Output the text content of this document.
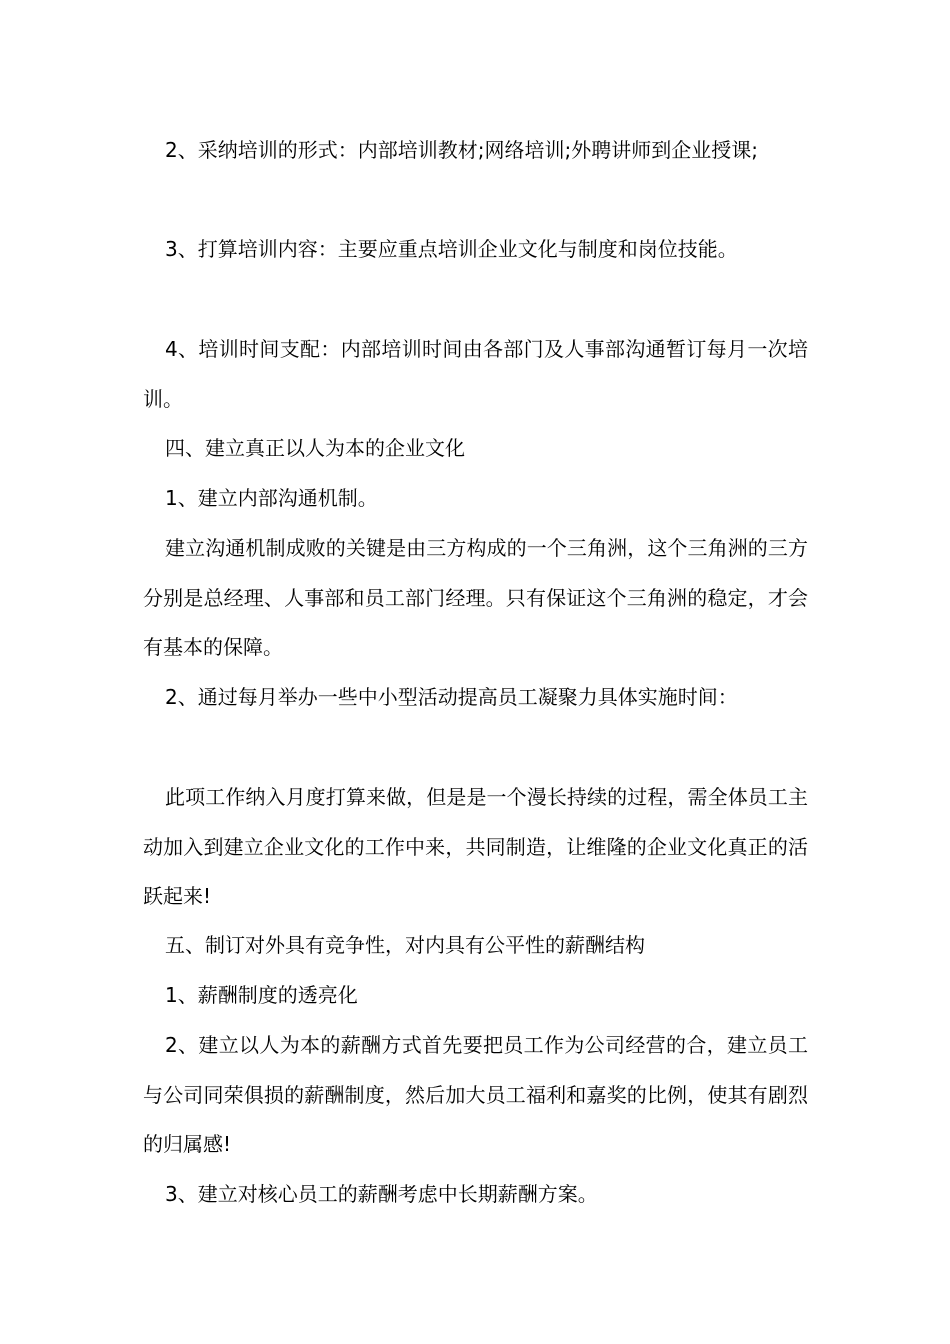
2、采纳培训的形式：内部培训教材;网络培训;外聘讲师到企业授课;

3、打算培训内容：主要应重点培训企业文化与制度和岗位技能。

4、培训时间支配：内部培训时间由各部门及人事部沟通暂订每月一次培训。

四、建立真正以人为本的企业文化

1、建立内部沟通机制。

建立沟通机制成败的关键是由三方构成的一个三角洲，这个三角洲的三方分别是总经理、人事部和员工部门经理。只有保证这个三角洲的稳定，才会有基本的保障。

2、通过每月举办一些中小型活动提高员工凝聚力具体实施时间：

此项工作纳入月度打算来做，但是是一个漫长持续的过程，需全体员工主动加入到建立企业文化的工作中来，共同制造，让维隆的企业文化真正的活跃起来!

五、制订对外具有竞争性，对内具有公平性的薪酬结构

1、薪酬制度的透亮化

2、建立以人为本的薪酬方式首先要把员工作为公司经营的合，建立员工与公司同荣俱损的薪酬制度，然后加大员工福利和嘉奖的比例，使其有剧烈的归属感!

3、建立对核心员工的薪酬考虑中长期薪酬方案。
